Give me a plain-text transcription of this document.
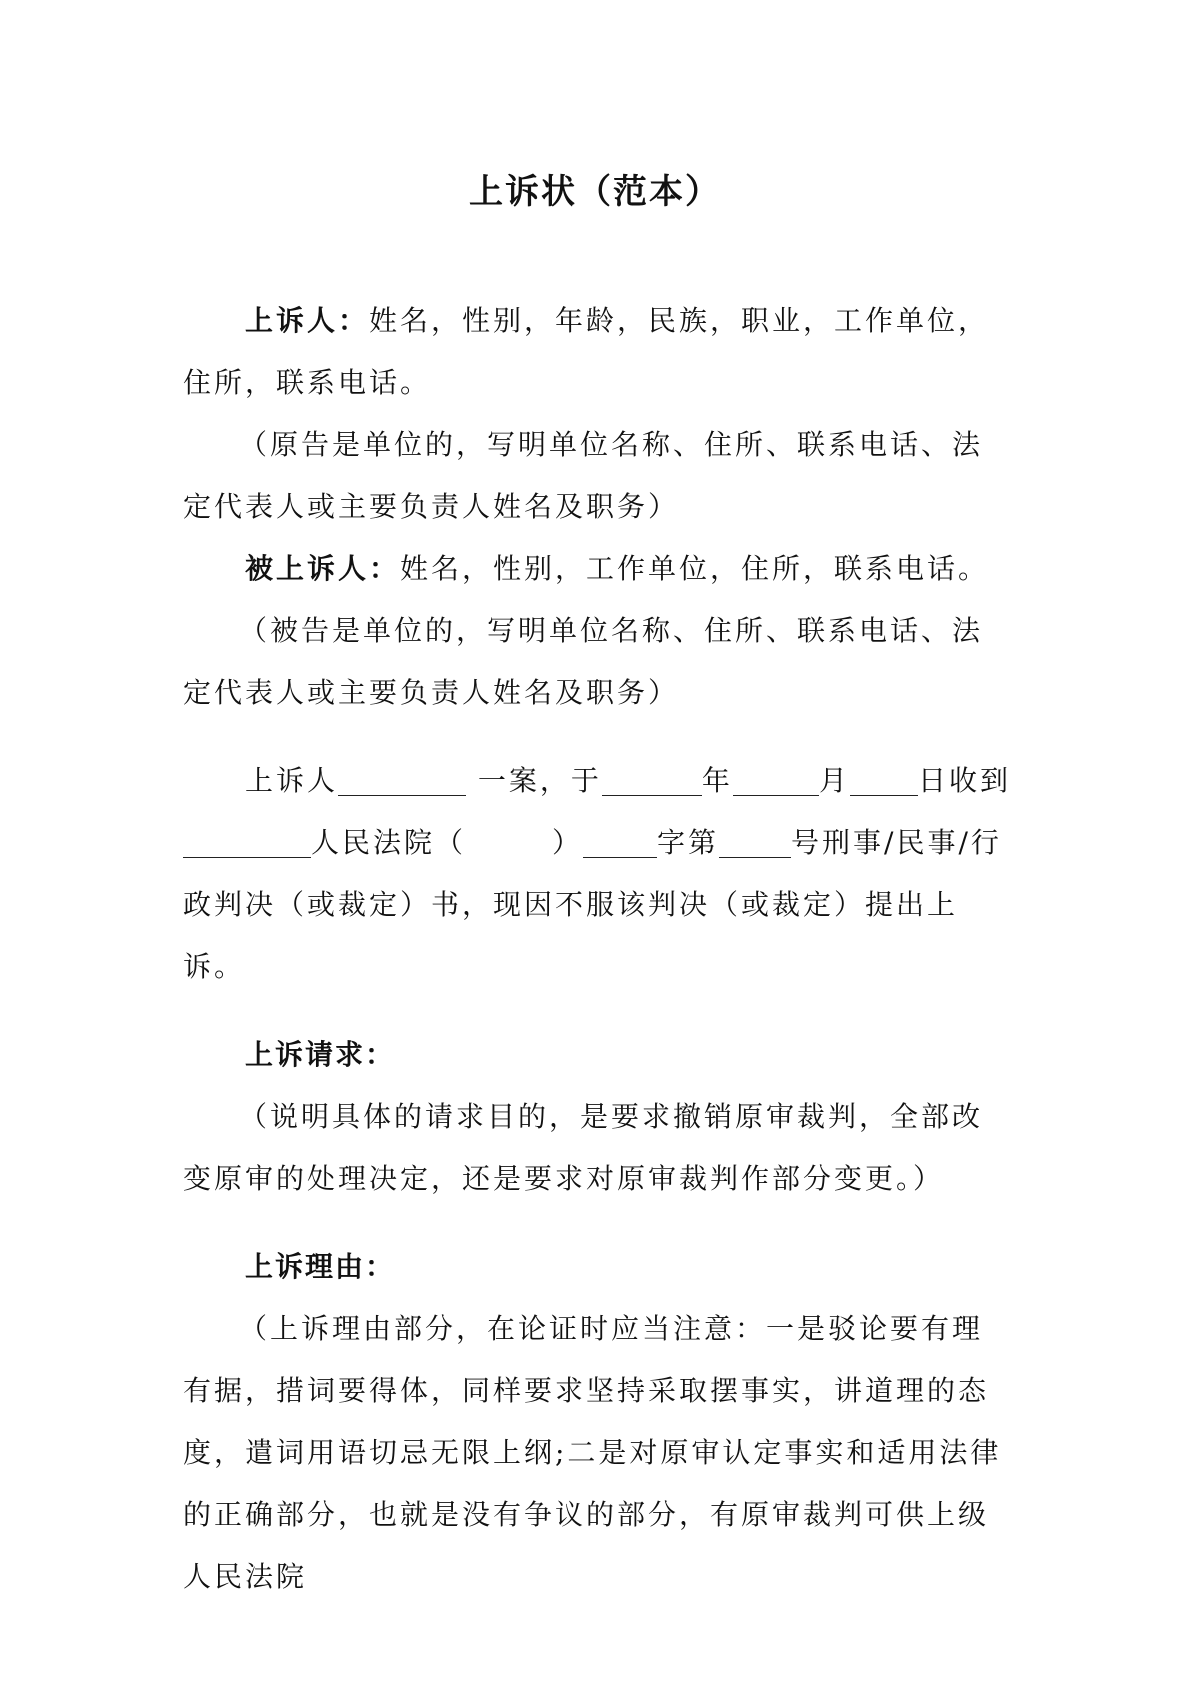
上诉状（范本）

上诉人：姓名，性别，年龄，民族，职业，工作单位，住所，联系电话。

（原告是单位的，写明单位名称、住所、联系电话、法定代表人或主要负责人姓名及职务）

被上诉人：姓名，性别，工作单位，住所，联系电话。

（被告是单位的，写明单位名称、住所、联系电话、法定代表人或主要负责人姓名及职务）

上诉人	一案，于	年	月 日收到人民法院（	）	字第	号刑事/民事/行政判决（或裁定）书，现因不服该判决（或裁定）提出上诉。

上诉请求：

（说明具体的请求目的，是要求撤销原审裁判，全部改变原审的处理决定，还是要求对原审裁判作部分变更。）

上诉理由：

（上诉理由部分，在论证时应当注意：一是驳论要有理有据，措词要得体，同样要求坚持采取摆事实，讲道理的态度，遣词用语切忌无限上纲;二是对原审认定事实和适用法律的正确部分，也就是没有争议的部分，有原审裁判可供上级人民法院
